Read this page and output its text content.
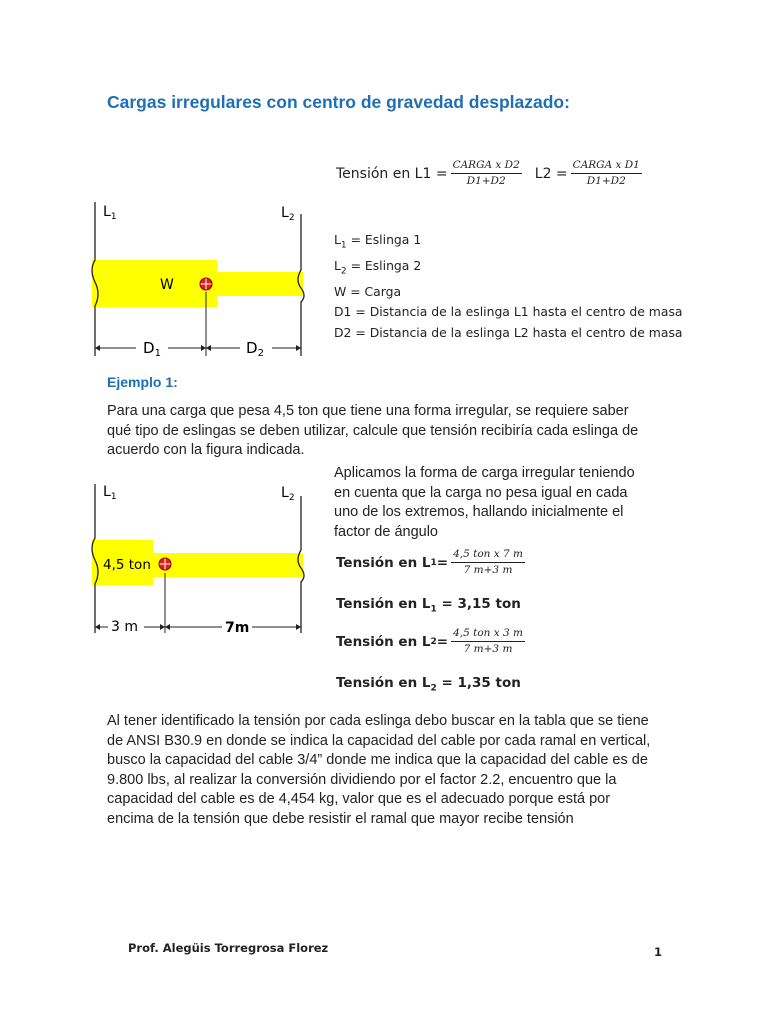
Cargas irregulares con centro de gravedad desplazado:
Tensión en $L1 = \frac{\text{CARGA x D2}}{D1+D2} L2 = \frac{\text{CARGA x D1}}{D1+D2}$
$L_1$	$L_2$
W
$D_1$	$D_2$
$L_1$ = Eslinga 1
$L_2$ = Eslinga 2
W = Carga
D1 = Distancia de la eslinga L1 hasta el centro de masa
D2 = Distancia de la eslinga L2 hasta el centro de masa
Ejemplo 1:
Para una carga que pesa 4,5 ton que tiene una forma irregular, se requiere saber
qué tipo de eslingas se deben utilizar, calcule que tensión recibiría cada eslinga de
acuerdo con la figura indicada.
$L_1$	$L_2$
4,5 ton
3 m	7m
Aplicamos la forma de carga irregular teniendo
en cuenta que la carga no pesa igual en cada
uno de los extremos, hallando inicialmente el
factor de ángulo
Tensión en L $1 = \frac{\text{4,5 ton x 7 m}}{7 m+3 m}$
Tensión en $L_1 = 3,15$ ton
Tensión en L $2 = \frac{\text{4,5 ton x 3 m}}{7 m+3 m}$
Tensión en $L_2 = 1,35$ ton
Al tener identificado la tensión por cada eslinga debo buscar en la tabla que se tiene
de ANSI B30.9 en donde se indica la capacidad del cable por cada ramal en vertical,
busco la capacidad del cable 3/4” donde me indica que la capacidad del cable es de
9.800 lbs, al realizar la conversión dividiendo por el factor 2.2, encuentro que la
capacidad del cable es de 4,454 kg, valor que es el adecuado porque está por
encima de la tensión que debe resistir el ramal que mayor recibe tensión
Prof. Alegüis Torregrosa Florez	1
